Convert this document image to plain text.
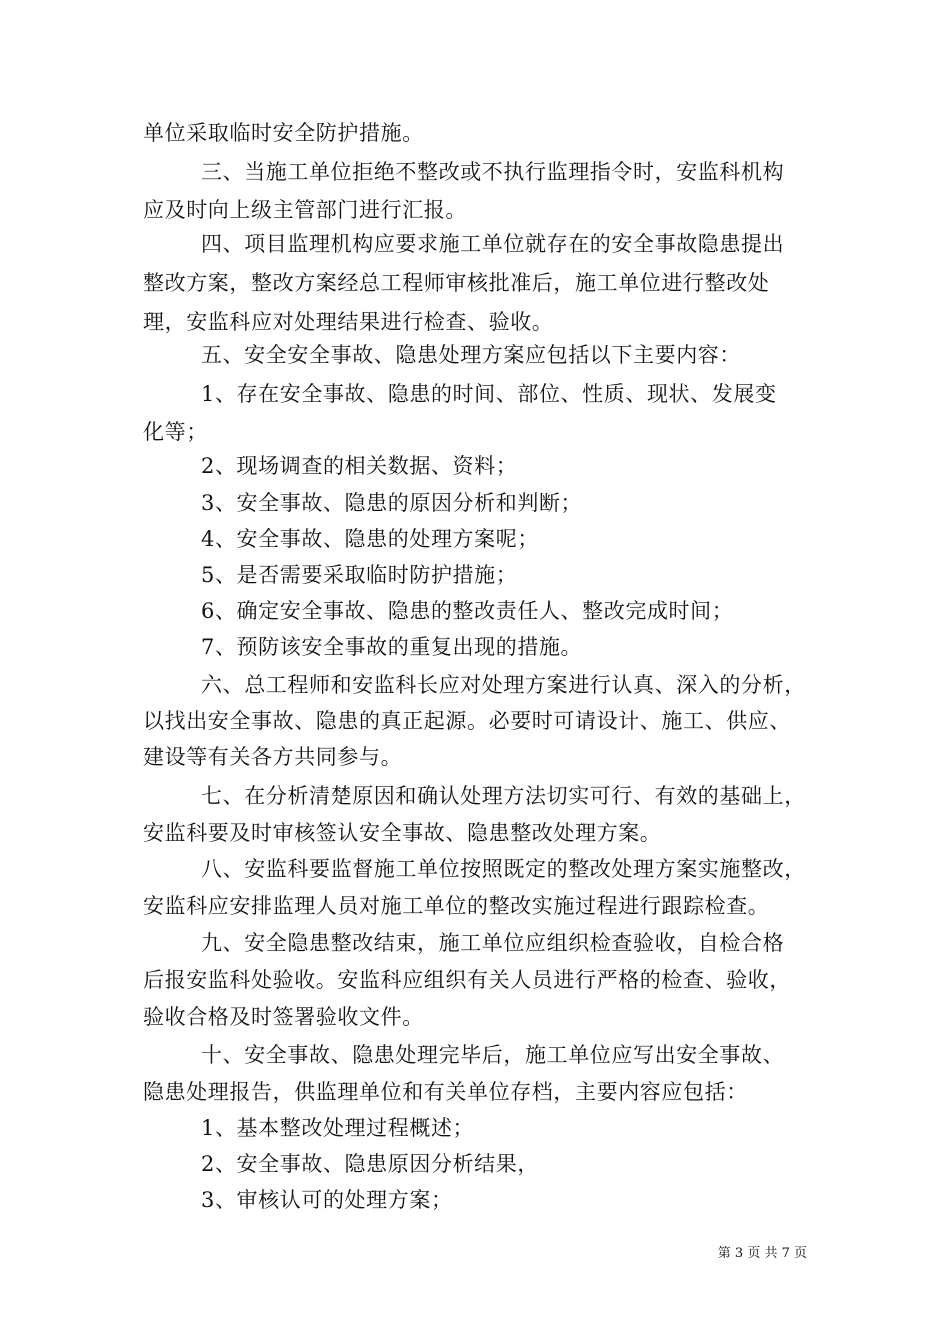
单位采取临时安全防护措施。
三、当施工单位拒绝不整改或不执行监理指令时，安监科机构
应及时向上级主管部门进行汇报。
四、项目监理机构应要求施工单位就存在的安全事故隐患提出
整改方案，整改方案经总工程师审核批准后，施工单位进行整改处
理，安监科应对处理结果进行检查、验收。
五、安全安全事故、隐患处理方案应包括以下主要内容：
1、存在安全事故、隐患的时间、部位、性质、现状、发展变
化等；
2、现场调查的相关数据、资料；
3、安全事故、隐患的原因分析和判断；
4、安全事故、隐患的处理方案呢；
5、是否需要采取临时防护措施；
6、确定安全事故、隐患的整改责任人、整改完成时间；
7、预防该安全事故的重复出现的措施。
六、总工程师和安监科长应对处理方案进行认真、深入的分析，
以找出安全事故、隐患的真正起源。必要时可请设计、施工、供应、
建设等有关各方共同参与。
七、在分析清楚原因和确认处理方法切实可行、有效的基础上，
安监科要及时审核签认安全事故、隐患整改处理方案。
八、安监科要监督施工单位按照既定的整改处理方案实施整改，
安监科应安排监理人员对施工单位的整改实施过程进行跟踪检查。
九、安全隐患整改结束，施工单位应组织检查验收，自检合格
后报安监科处验收。安监科应组织有关人员进行严格的检查、验收，
验收合格及时签署验收文件。
十、安全事故、隐患处理完毕后，施工单位应写出安全事故、
隐患处理报告，供监理单位和有关单位存档，主要内容应包括：
1、基本整改处理过程概述；
2、安全事故、隐患原因分析结果，
3、审核认可的处理方案；
第 3 页 共 7 页
